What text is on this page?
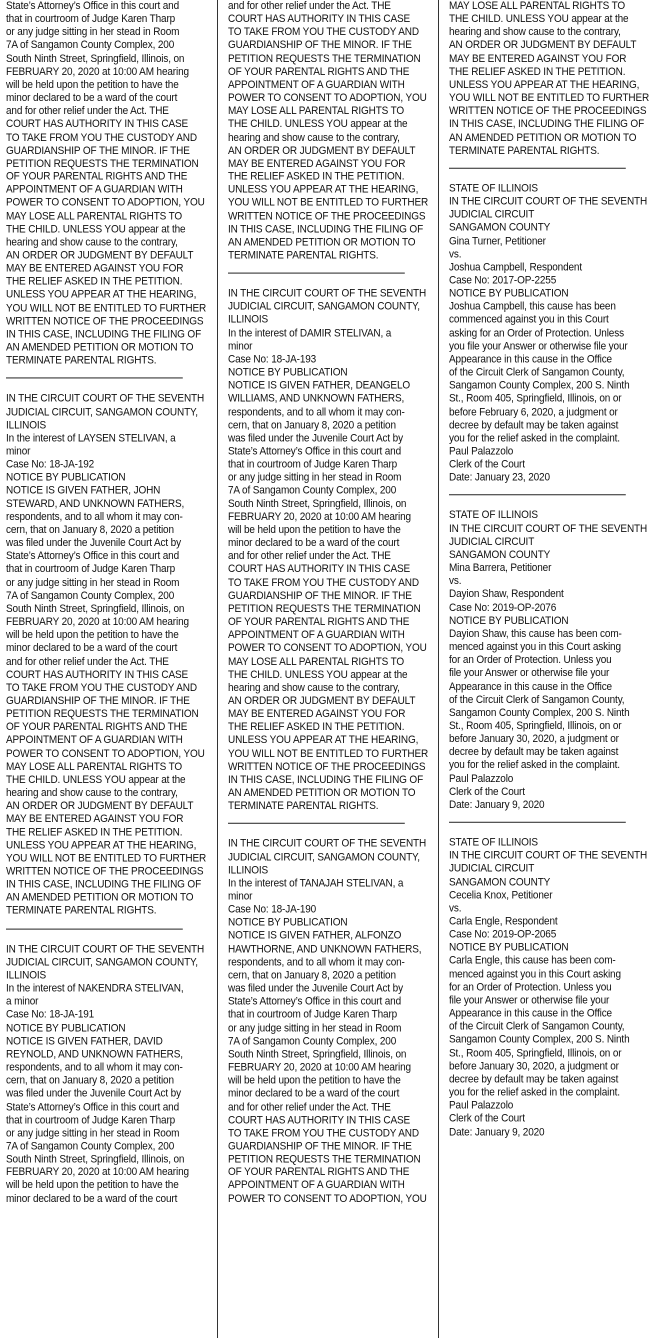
State’s Attorney’s Office in this court and
that in courtroom of Judge Karen Tharp
or any judge sitting in her stead in Room
7A of Sangamon County Complex, 200
South Ninth Street, Springfield, Illinois, on
FEBRUARY 20, 2020 at 10:00 AM hearing
will be held upon the petition to have the
minor declared to be a ward of the court
and for other relief under the Act. THE
COURT HAS AUTHORITY IN THIS CASE
TO TAKE FROM YOU THE CUSTODY AND
GUARDIANSHIP OF THE MINOR. IF THE
PETITION REQUESTS THE TERMINATION
OF YOUR PARENTAL RIGHTS AND THE
APPOINTMENT OF A GUARDIAN WITH
POWER TO CONSENT TO ADOPTION, YOU
MAY LOSE ALL PARENTAL RIGHTS TO
THE CHILD. UNLESS YOU appear at the
hearing and show cause to the contrary,
AN ORDER OR JUDGMENT BY DEFAULT
MAY BE ENTERED AGAINST YOU FOR
THE RELIEF ASKED IN THE PETITION.
UNLESS YOU APPEAR AT THE HEARING,
YOU WILL NOT BE ENTITLED TO FURTHER
WRITTEN NOTICE OF THE PROCEEDINGS
IN THIS CASE, INCLUDING THE FILING OF
AN AMENDED PETITION OR MOTION TO
TERMINATE PARENTAL RIGHTS.
IN THE CIRCUIT COURT OF THE SEVENTH
JUDICIAL CIRCUIT, SANGAMON COUNTY,
ILLINOIS
In the interest of LAYSEN STELIVAN, a
minor
Case No: 18-JA-192
NOTICE BY PUBLICATION
NOTICE IS GIVEN FATHER, JOHN
STEWARD, AND UNKNOWN FATHERS,
respondents, and to all whom it may con-
cern, that on January 8, 2020 a petition
was filed under the Juvenile Court Act by
State’s Attorney’s Office in this court and
that in courtroom of Judge Karen Tharp
or any judge sitting in her stead in Room
7A of Sangamon County Complex, 200
South Ninth Street, Springfield, Illinois, on
FEBRUARY 20, 2020 at 10:00 AM hearing
will be held upon the petition to have the
minor declared to be a ward of the court
and for other relief under the Act. THE
COURT HAS AUTHORITY IN THIS CASE
TO TAKE FROM YOU THE CUSTODY AND
GUARDIANSHIP OF THE MINOR. IF THE
PETITION REQUESTS THE TERMINATION
OF YOUR PARENTAL RIGHTS AND THE
APPOINTMENT OF A GUARDIAN WITH
POWER TO CONSENT TO ADOPTION, YOU
MAY LOSE ALL PARENTAL RIGHTS TO
THE CHILD. UNLESS YOU appear at the
hearing and show cause to the contrary,
AN ORDER OR JUDGMENT BY DEFAULT
MAY BE ENTERED AGAINST YOU FOR
THE RELIEF ASKED IN THE PETITION.
UNLESS YOU APPEAR AT THE HEARING,
YOU WILL NOT BE ENTITLED TO FURTHER
WRITTEN NOTICE OF THE PROCEEDINGS
IN THIS CASE, INCLUDING THE FILING OF
AN AMENDED PETITION OR MOTION TO
TERMINATE PARENTAL RIGHTS.
IN THE CIRCUIT COURT OF THE SEVENTH
JUDICIAL CIRCUIT, SANGAMON COUNTY,
ILLINOIS
In the interest of NAKENDRA STELIVAN,
a minor
Case No: 18-JA-191
NOTICE BY PUBLICATION
NOTICE IS GIVEN FATHER, DAVID
REYNOLD, AND UNKNOWN FATHERS,
respondents, and to all whom it may con-
cern, that on January 8, 2020 a petition
was filed under the Juvenile Court Act by
State’s Attorney’s Office in this court and
that in courtroom of Judge Karen Tharp
or any judge sitting in her stead in Room
7A of Sangamon County Complex, 200
South Ninth Street, Springfield, Illinois, on
FEBRUARY 20, 2020 at 10:00 AM hearing
will be held upon the petition to have the
minor declared to be a ward of the court
and for other relief under the Act. THE
COURT HAS AUTHORITY IN THIS CASE
TO TAKE FROM YOU THE CUSTODY AND
GUARDIANSHIP OF THE MINOR. IF THE
PETITION REQUESTS THE TERMINATION
OF YOUR PARENTAL RIGHTS AND THE
APPOINTMENT OF A GUARDIAN WITH
POWER TO CONSENT TO ADOPTION, YOU
MAY LOSE ALL PARENTAL RIGHTS TO
THE CHILD. UNLESS YOU appear at the
hearing and show cause to the contrary,
AN ORDER OR JUDGMENT BY DEFAULT
MAY BE ENTERED AGAINST YOU FOR
THE RELIEF ASKED IN THE PETITION.
UNLESS YOU APPEAR AT THE HEARING,
YOU WILL NOT BE ENTITLED TO FURTHER
WRITTEN NOTICE OF THE PROCEEDINGS
IN THIS CASE, INCLUDING THE FILING OF
AN AMENDED PETITION OR MOTION TO
TERMINATE PARENTAL RIGHTS.
IN THE CIRCUIT COURT OF THE SEVENTH
JUDICIAL CIRCUIT, SANGAMON COUNTY,
ILLINOIS
In the interest of DAMIR STELIVAN, a
minor
Case No: 18-JA-193
NOTICE BY PUBLICATION
NOTICE IS GIVEN FATHER, DEANGELO
WILLIAMS, AND UNKNOWN FATHERS,
respondents, and to all whom it may con-
cern, that on January 8, 2020 a petition
was filed under the Juvenile Court Act by
State’s Attorney’s Office in this court and
that in courtroom of Judge Karen Tharp
or any judge sitting in her stead in Room
7A of Sangamon County Complex, 200
South Ninth Street, Springfield, Illinois, on
FEBRUARY 20, 2020 at 10:00 AM hearing
will be held upon the petition to have the
minor declared to be a ward of the court
and for other relief under the Act. THE
COURT HAS AUTHORITY IN THIS CASE
TO TAKE FROM YOU THE CUSTODY AND
GUARDIANSHIP OF THE MINOR. IF THE
PETITION REQUESTS THE TERMINATION
OF YOUR PARENTAL RIGHTS AND THE
APPOINTMENT OF A GUARDIAN WITH
POWER TO CONSENT TO ADOPTION, YOU
MAY LOSE ALL PARENTAL RIGHTS TO
THE CHILD. UNLESS YOU appear at the
hearing and show cause to the contrary,
AN ORDER OR JUDGMENT BY DEFAULT
MAY BE ENTERED AGAINST YOU FOR
THE RELIEF ASKED IN THE PETITION.
UNLESS YOU APPEAR AT THE HEARING,
YOU WILL NOT BE ENTITLED TO FURTHER
WRITTEN NOTICE OF THE PROCEEDINGS
IN THIS CASE, INCLUDING THE FILING OF
AN AMENDED PETITION OR MOTION TO
TERMINATE PARENTAL RIGHTS.
IN THE CIRCUIT COURT OF THE SEVENTH
JUDICIAL CIRCUIT, SANGAMON COUNTY,
ILLINOIS
In the interest of TANAJAH STELIVAN, a
minor
Case No: 18-JA-190
NOTICE BY PUBLICATION
NOTICE IS GIVEN FATHER, ALFONZO
HAWTHORNE, AND UNKNOWN FATHERS,
respondents, and to all whom it may con-
cern, that on January 8, 2020 a petition
was filed under the Juvenile Court Act by
State’s Attorney’s Office in this court and
that in courtroom of Judge Karen Tharp
or any judge sitting in her stead in Room
7A of Sangamon County Complex, 200
South Ninth Street, Springfield, Illinois, on
FEBRUARY 20, 2020 at 10:00 AM hearing
will be held upon the petition to have the
minor declared to be a ward of the court
and for other relief under the Act. THE
COURT HAS AUTHORITY IN THIS CASE
TO TAKE FROM YOU THE CUSTODY AND
GUARDIANSHIP OF THE MINOR. IF THE
PETITION REQUESTS THE TERMINATION
OF YOUR PARENTAL RIGHTS AND THE
APPOINTMENT OF A GUARDIAN WITH
POWER TO CONSENT TO ADOPTION, YOU
MAY LOSE ALL PARENTAL RIGHTS TO
THE CHILD. UNLESS YOU appear at the
hearing and show cause to the contrary,
AN ORDER OR JUDGMENT BY DEFAULT
MAY BE ENTERED AGAINST YOU FOR
THE RELIEF ASKED IN THE PETITION.
UNLESS YOU APPEAR AT THE HEARING,
YOU WILL NOT BE ENTITLED TO FURTHER
WRITTEN NOTICE OF THE PROCEEDINGS
IN THIS CASE, INCLUDING THE FILING OF
AN AMENDED PETITION OR MOTION TO
TERMINATE PARENTAL RIGHTS.
STATE OF ILLINOIS
IN THE CIRCUIT COURT OF THE SEVENTH
JUDICIAL CIRCUIT
SANGAMON COUNTY
Gina Turner, Petitioner
vs.
Joshua Campbell, Respondent
Case No: 2017-OP-2255
NOTICE BY PUBLICATION
Joshua Campbell, this cause has been
commenced against you in this Court
asking for an Order of Protection. Unless
you file your Answer or otherwise file your
Appearance in this cause in the Office
of the Circuit Clerk of Sangamon County,
Sangamon County Complex, 200 S. Ninth
St., Room 405, Springfield, Illinois, on or
before February 6, 2020, a judgment or
decree by default may be taken against
you for the relief asked in the complaint.
Paul Palazzolo
Clerk of the Court
Date: January 23, 2020
STATE OF ILLINOIS
IN THE CIRCUIT COURT OF THE SEVENTH
JUDICIAL CIRCUIT
SANGAMON COUNTY
Mina Barrera, Petitioner
vs.
Dayion Shaw, Respondent
Case No: 2019-OP-2076
NOTICE BY PUBLICATION
Dayion Shaw, this cause has been com-
menced against you in this Court asking
for an Order of Protection. Unless you
file your Answer or otherwise file your
Appearance in this cause in the Office
of the Circuit Clerk of Sangamon County,
Sangamon County Complex, 200 S. Ninth
St., Room 405, Springfield, Illinois, on or
before January 30, 2020, a judgment or
decree by default may be taken against
you for the relief asked in the complaint.
Paul Palazzolo
Clerk of the Court
Date: January 9, 2020
STATE OF ILLINOIS
IN THE CIRCUIT COURT OF THE SEVENTH
JUDICIAL CIRCUIT
SANGAMON COUNTY
Cecelia Knox, Petitioner
vs.
Carla Engle, Respondent
Case No: 2019-OP-2065
NOTICE BY PUBLICATION
Carla Engle, this cause has been com-
menced against you in this Court asking
for an Order of Protection. Unless you
file your Answer or otherwise file your
Appearance in this cause in the Office
of the Circuit Clerk of Sangamon County,
Sangamon County Complex, 200 S. Ninth
St., Room 405, Springfield, Illinois, on or
before January 30, 2020, a judgment or
decree by default may be taken against
you for the relief asked in the complaint.
Paul Palazzolo
Clerk of the Court
Date: January 9, 2020
